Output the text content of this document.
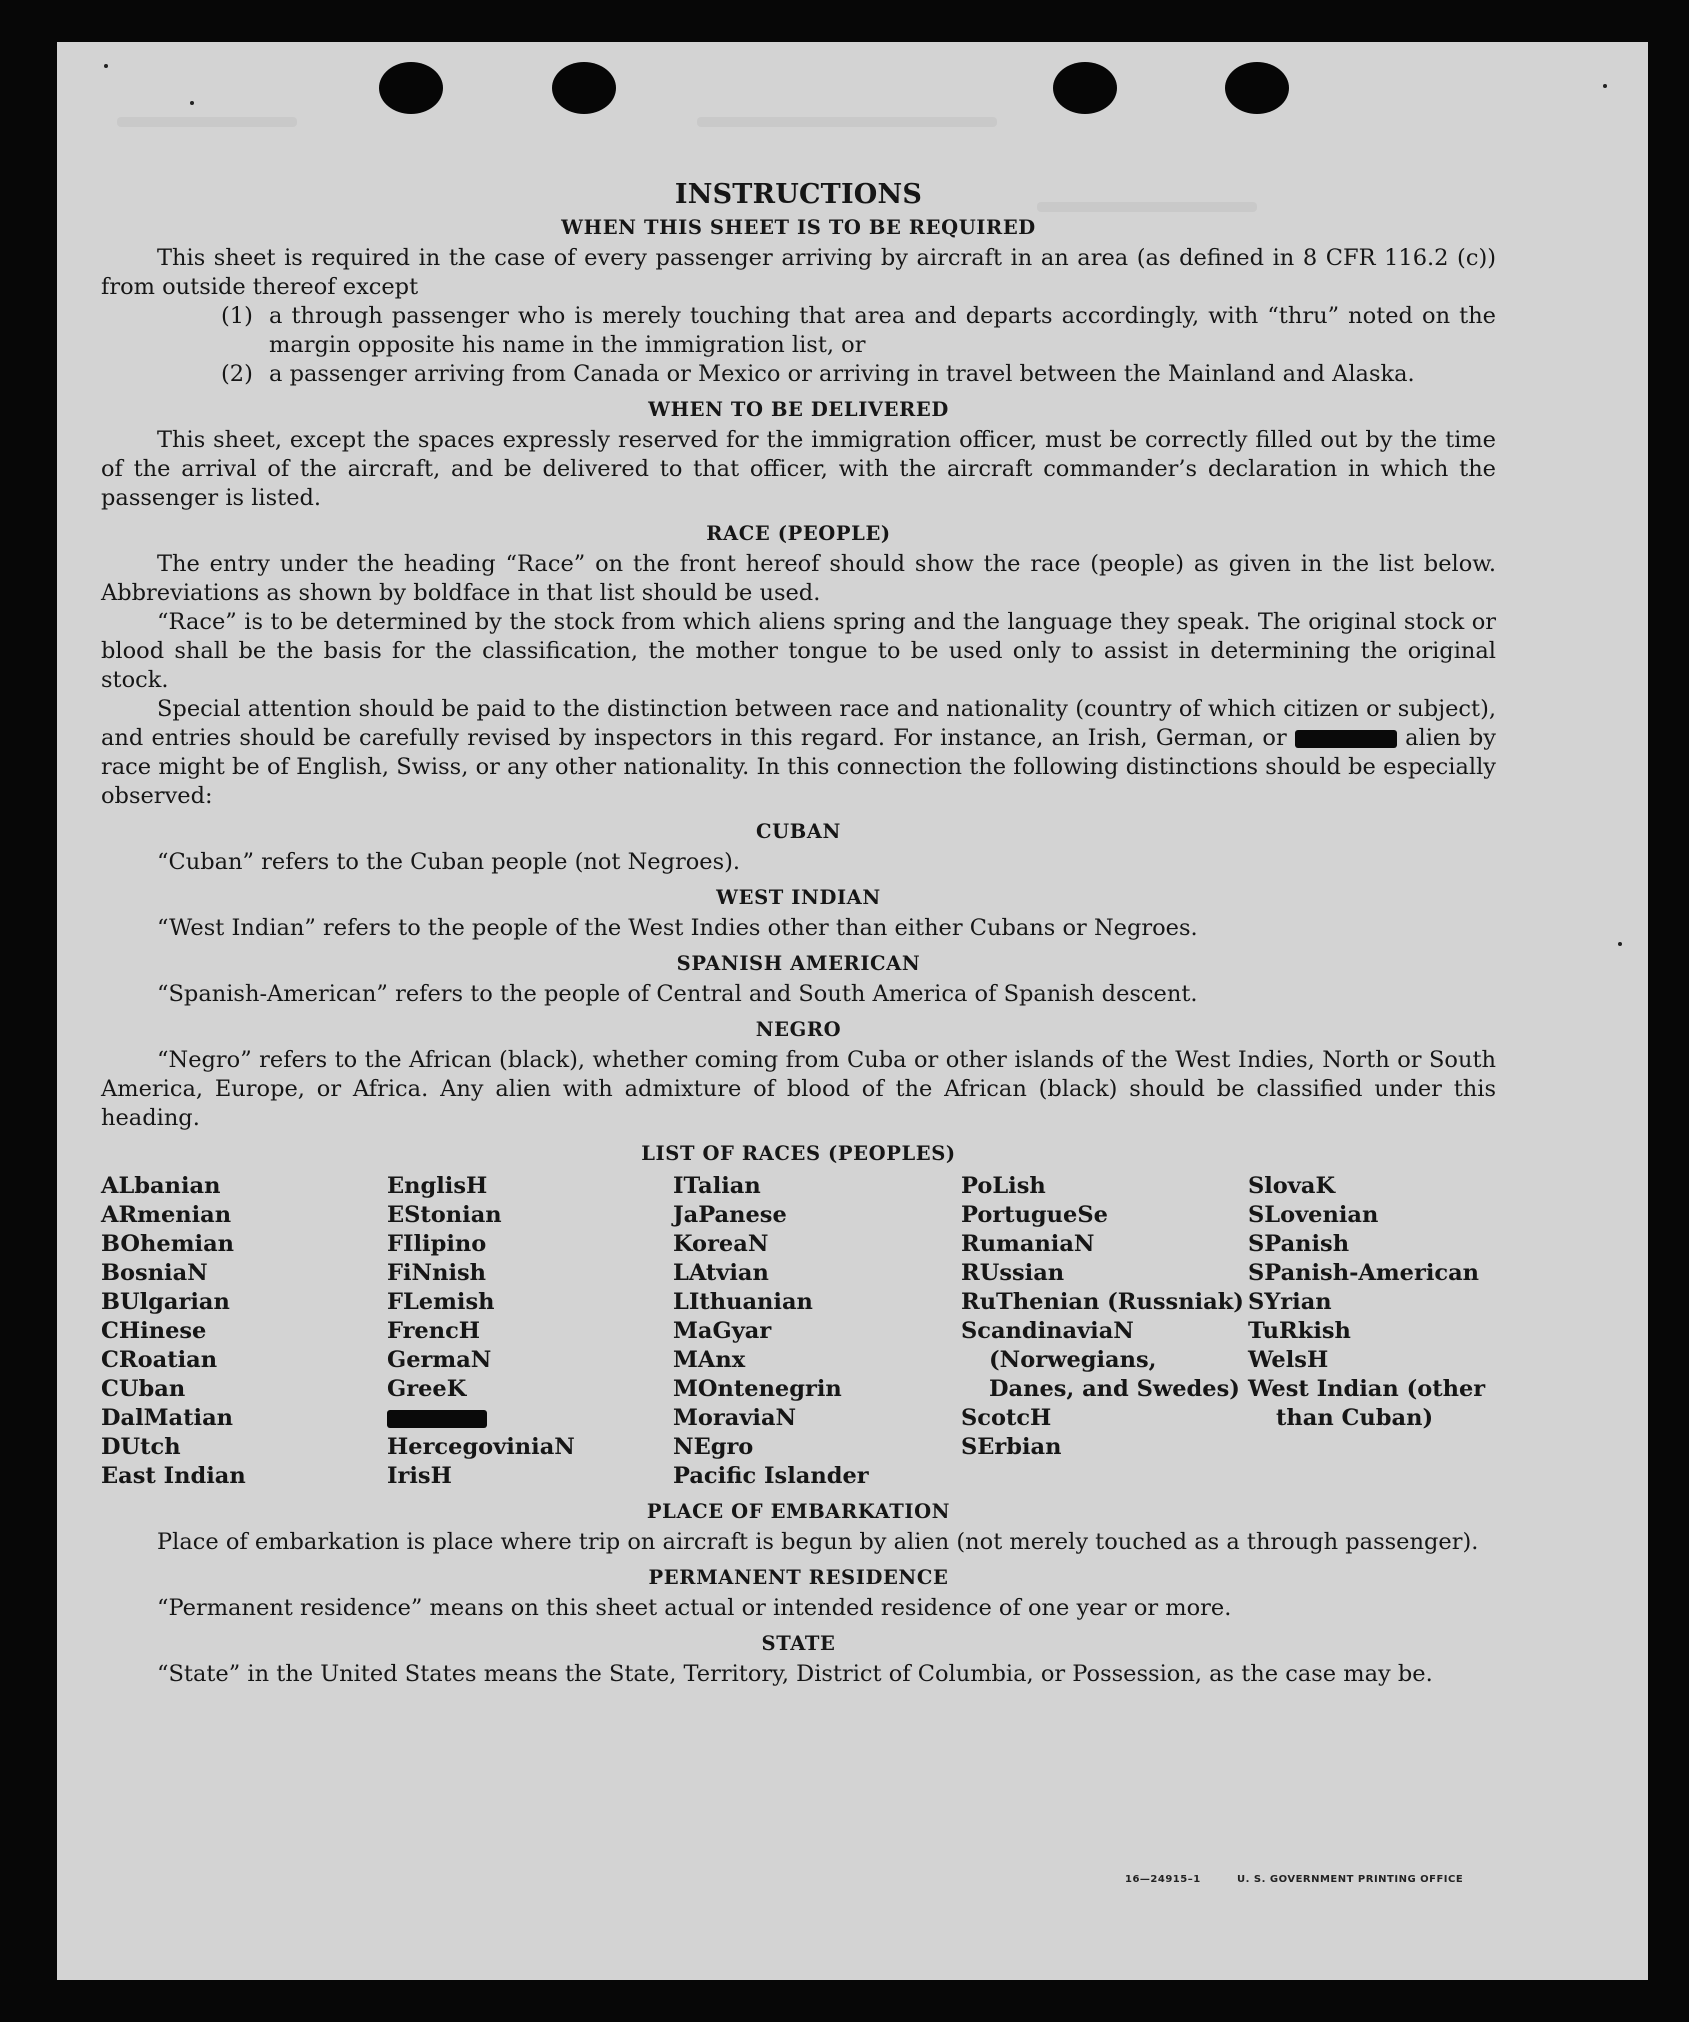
INSTRUCTIONS
WHEN THIS SHEET IS TO BE REQUIRED

This sheet is required in the case of every passenger arriving by aircraft in an area (as defined in 8 CFR 116.2 (c)) from outside thereof except

(1) a through passenger who is merely touching that area and departs accordingly, with “thru” noted on the margin opposite his name in the immigration list, or
(2) a passenger arriving from Canada or Mexico or arriving in travel between the Mainland and Alaska.
WHEN TO BE DELIVERED

This sheet, except the spaces expressly reserved for the immigration officer, must be correctly filled out by the time of the arrival of the aircraft, and be delivered to that officer, with the aircraft commander’s declaration in which the passenger is listed.

RACE (PEOPLE)

The entry under the heading “Race” on the front hereof should show the race (people) as given in the list below. Abbreviations as shown by boldface in that list should be used.

“Race” is to be determined by the stock from which aliens spring and the language they speak. The original stock or blood shall be the basis for the classification, the mother tongue to be used only to assist in determining the original stock.

Special attention should be paid to the distinction between race and nationality (country of which citizen or subject), and entries should be carefully revised by inspectors in this regard. For instance, an Irish, German, or	alien by race might be of English, Swiss, or any other nationality. In this connection the following distinctions should be especially observed:

CUBAN

“Cuban” refers to the Cuban people (not Negroes).

WEST INDIAN

“West Indian” refers to the people of the West Indies other than either Cubans or Negroes.

SPANISH AMERICAN

“Spanish-American” refers to the people of Central and South America of Spanish descent.

NEGRO

“Negro” refers to the African (black), whether coming from Cuba or other islands of the West Indies, North or South America, Europe, or Africa. Any alien with admixture of blood of the African (black) should be classified under this heading.

LIST OF RACES (PEOPLES)
ALbanian
ARmenian
BOhemian
BosniaN
BUlgarian
CHinese
CRoatian
CUban
DalMatian
DUtch
East Indian
EnglisH
EStonian
FIlipino
FiNnish
FLemish
FrencH
GermaN
GreeK
HercegoviniaN
IrisH
ITalian
JaPanese
KoreaN
LAtvian
LIthuanian
MaGyar
MAnx
MOntenegrin
MoraviaN
NEgro
Pacific Islander
PoLish
PortugueSe
RumaniaN
RUssian
RuThenian (Russniak)
ScandinaviaN (Norwegians, Danes, and Swedes)
ScotcH
SErbian
SlovaK
SLovenian
SPanish
SPanish-American
SYrian
TuRkish
WelsH
West Indian (other than Cuban)
PLACE OF EMBARKATION

Place of embarkation is place where trip on aircraft is begun by alien (not merely touched as a through passenger).

PERMANENT RESIDENCE

“Permanent residence” means on this sheet actual or intended residence of one year or more.

STATE

“State” in the United States means the State, Territory, District of Columbia, or Possession, as the case may be.

16—24915–1	U. S. GOVERNMENT PRINTING OFFICE
